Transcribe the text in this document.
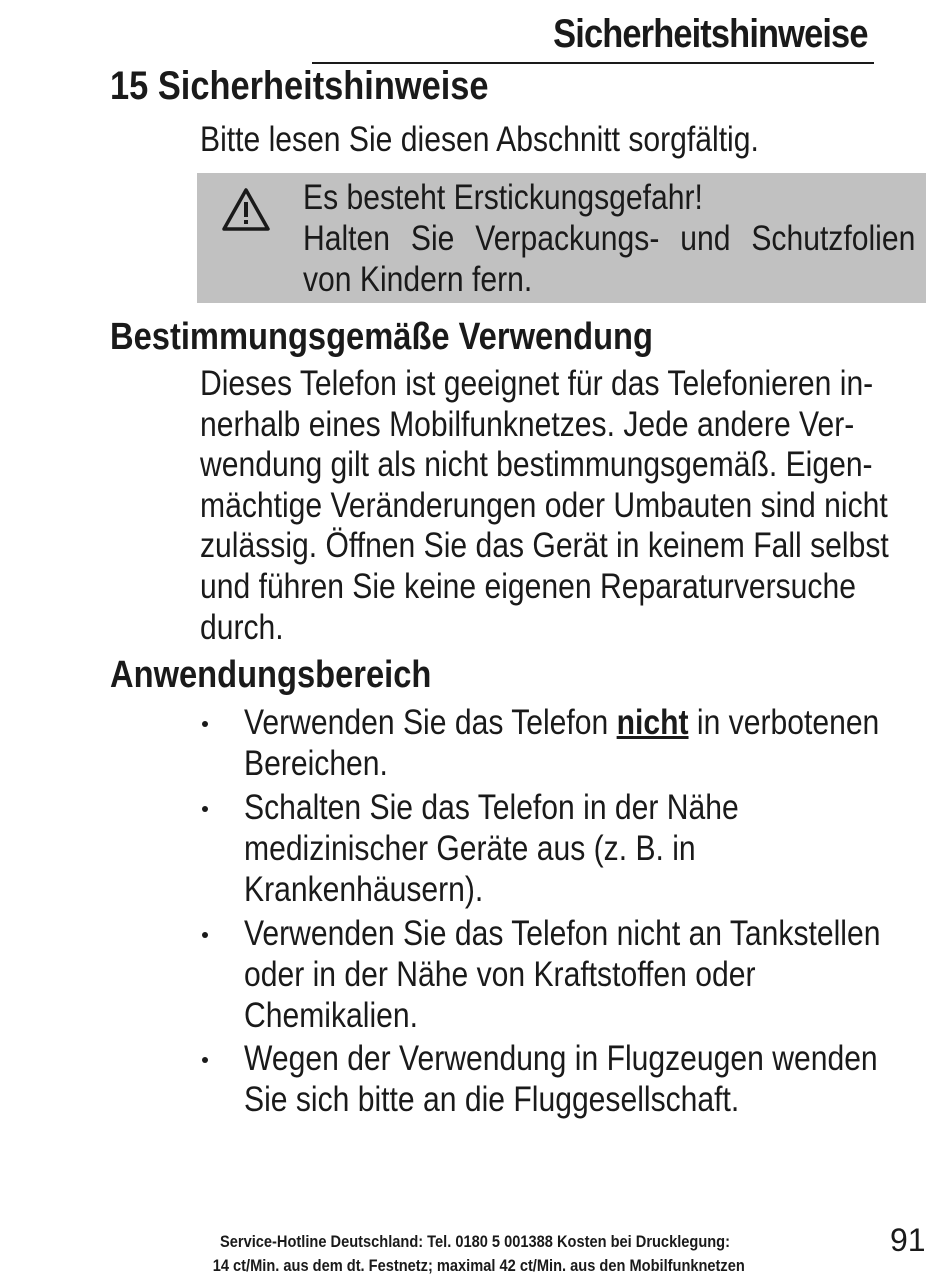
Sicherheitshinweise
15 Sicherheitshinweise

Bitte lesen Sie diesen Abschnitt sorgfältig.

Es besteht Erstickungsgefahr!
Halten Sie Verpackungs- und Schutzfolien von Kindern fern.
Bestimmungsgemäße Verwendung

Dieses Telefon ist geeignet für das Telefonieren in-
nerhalb eines Mobilfunknetzes. Jede andere Ver-
wendung gilt als nicht bestimmungsgemäß. Eigen-
mächtige Veränderungen oder Umbauten sind nicht
zulässig. Öffnen Sie das Gerät in keinem Fall selbst
und führen Sie keine eigenen Reparaturversuche
durch.

Anwendungsbereich
Verwenden Sie das Telefon nicht in verbotenen
Bereichen.
Schalten Sie das Telefon in der Nähe
medizinischer Geräte aus (z. B. in
Krankenhäusern).
Verwenden Sie das Telefon nicht an Tankstellen
oder in der Nähe von Kraftstoffen oder
Chemikalien.
Wegen der Verwendung in Flugzeugen wenden
Sie sich bitte an die Fluggesellschaft.
Service-Hotline Deutschland: Tel. 0180 5 001388 Kosten bei Drucklegung:
14 ct/Min. aus dem dt. Festnetz; maximal 42 ct/Min. aus den Mobilfunknetzen
91
